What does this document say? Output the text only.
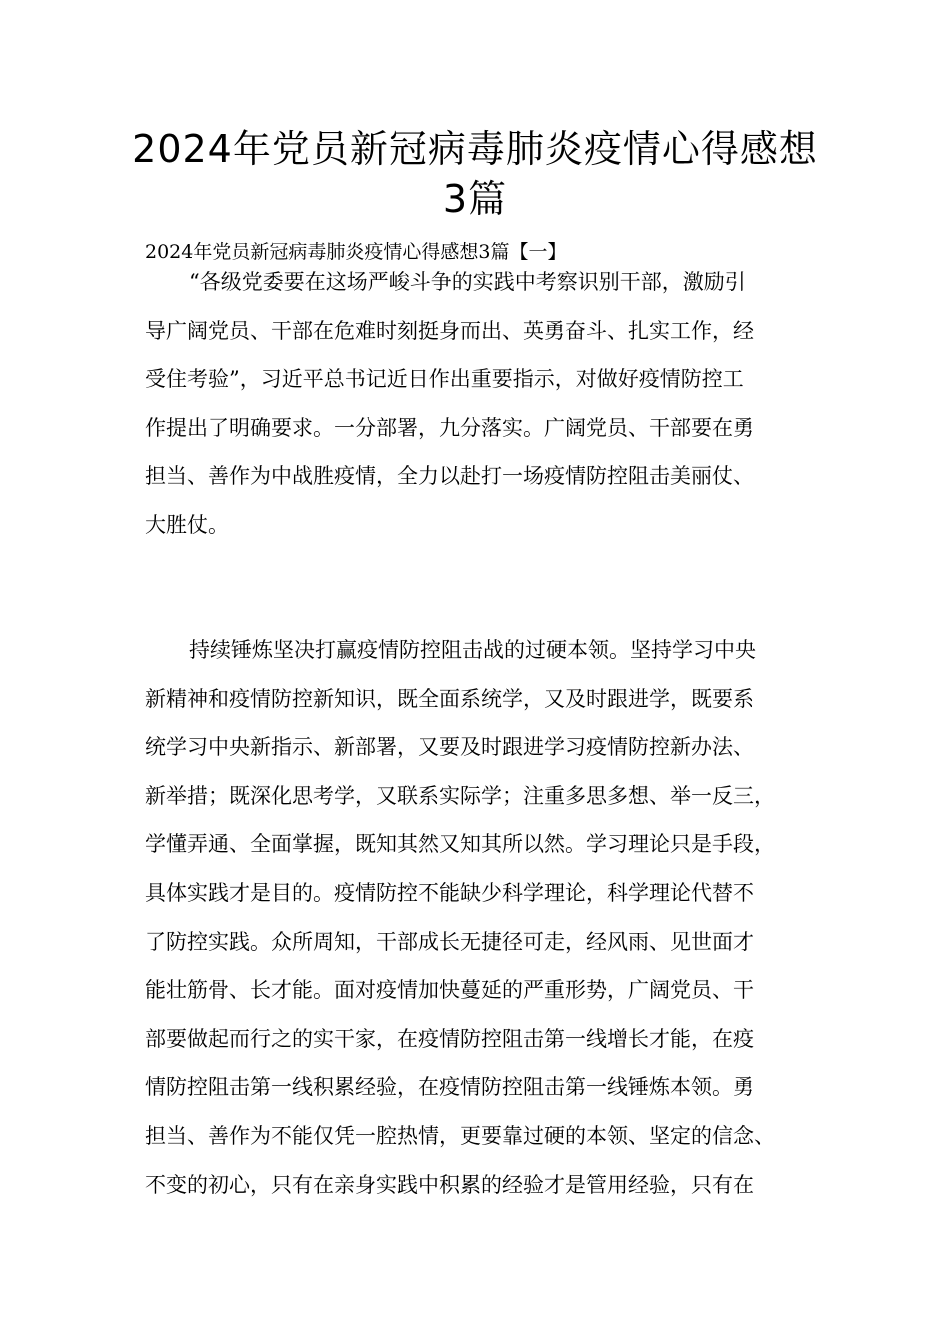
2024年党员新冠病毒肺炎疫情心得感想
3篇

2024年党员新冠病毒肺炎疫情心得感想3篇【一】

“各级党委要在这场严峻斗争的实践中考察识别干部，激励引
导广阔党员、干部在危难时刻挺身而出、英勇奋斗、扎实工作，经
受住考验”，习近平总书记近日作出重要指示，对做好疫情防控工
作提出了明确要求。一分部署，九分落实。广阔党员、干部要在勇
担当、善作为中战胜疫情，全力以赴打一场疫情防控阻击美丽仗、
大胜仗。

持续锤炼坚决打赢疫情防控阻击战的过硬本领。坚持学习中央
新精神和疫情防控新知识，既全面系统学，又及时跟进学，既要系
统学习中央新指示、新部署，又要及时跟进学习疫情防控新办法、
新举措；既深化思考学，又联系实际学；注重多思多想、举一反三，
学懂弄通、全面掌握，既知其然又知其所以然。学习理论只是手段，
具体实践才是目的。疫情防控不能缺少科学理论，科学理论代替不
了防控实践。众所周知，干部成长无捷径可走，经风雨、见世面才
能壮筋骨、长才能。面对疫情加快蔓延的严重形势，广阔党员、干
部要做起而行之的实干家，在疫情防控阻击第一线增长才能，在疫
情防控阻击第一线积累经验，在疫情防控阻击第一线锤炼本领。勇
担当、善作为不能仅凭一腔热情，更要靠过硬的本领、坚定的信念、
不变的初心，只有在亲身实践中积累的经验才是管用经验，只有在
